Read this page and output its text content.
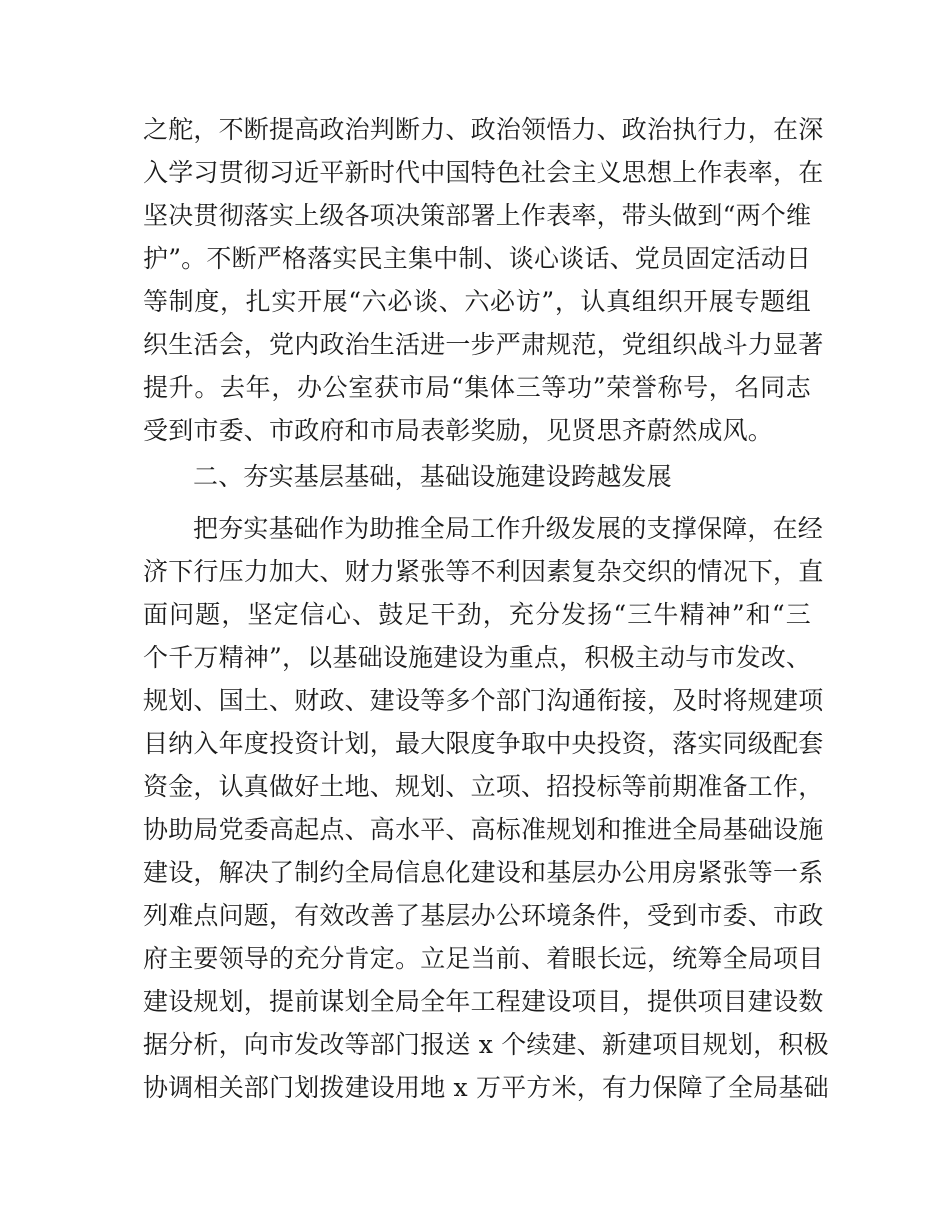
之舵，不断提高政治判断力、政治领悟力、政治执行力，在深
入学习贯彻习近平新时代中国特色社会主义思想上作表率，在
坚决贯彻落实上级各项决策部署上作表率，带头做到“两个维
护”。不断严格落实民主集中制、谈心谈话、党员固定活动日
等制度，扎实开展“六必谈、六必访”，认真组织开展专题组
织生活会，党内政治生活进一步严肃规范，党组织战斗力显著
提升。去年，办公室获市局“集体三等功”荣誉称号，名同志
受到市委、市政府和市局表彰奖励，见贤思齐蔚然成风。
二、夯实基层基础，基础设施建设跨越发展
把夯实基础作为助推全局工作升级发展的支撑保障，在经
济下行压力加大、财力紧张等不利因素复杂交织的情况下，直
面问题，坚定信心、鼓足干劲，充分发扬“三牛精神”和“三
个千万精神”，以基础设施建设为重点，积极主动与市发改、
规划、国土、财政、建设等多个部门沟通衔接，及时将规建项
目纳入年度投资计划，最大限度争取中央投资，落实同级配套
资金，认真做好土地、规划、立项、招投标等前期准备工作，
协助局党委高起点、高水平、高标准规划和推进全局基础设施
建设，解决了制约全局信息化建设和基层办公用房紧张等一系
列难点问题，有效改善了基层办公环境条件，受到市委、市政
府主要领导的充分肯定。立足当前、着眼长远，统筹全局项目
建设规划，提前谋划全局全年工程建设项目，提供项目建设数
据分析，向市发改等部门报送 x 个续建、新建项目规划，积极
协调相关部门划拨建设用地 x 万平方米，有力保障了全局基础
